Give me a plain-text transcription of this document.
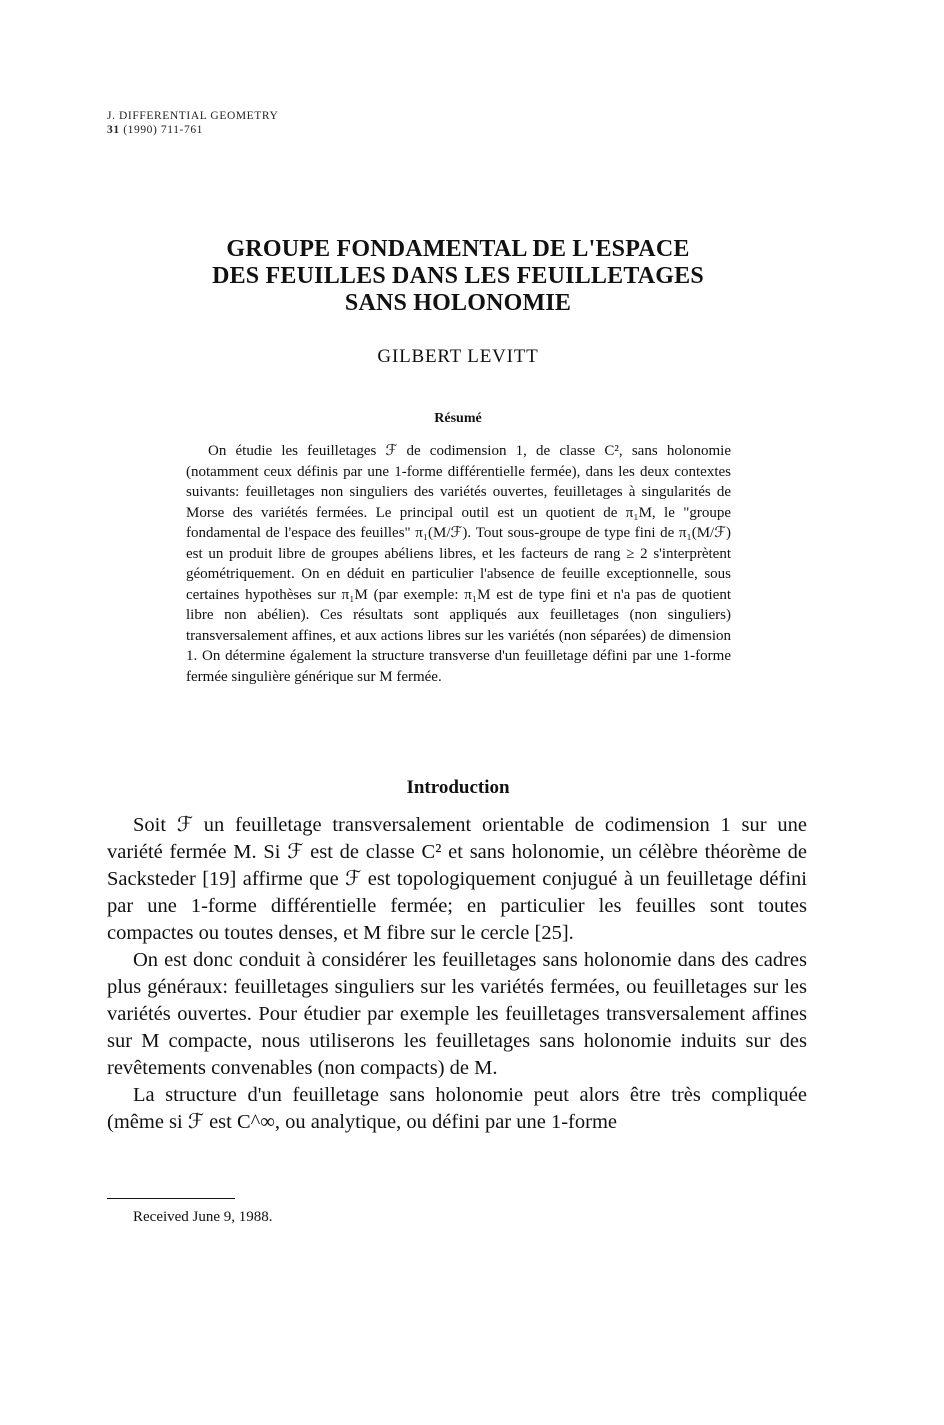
J. DIFFERENTIAL GEOMETRY
31 (1990) 711-761
GROUPE FONDAMENTAL DE L'ESPACE
DES FEUILLES DANS LES FEUILLETAGES
SANS HOLONOMIE
GILBERT LEVITT
Résumé
On étudie les feuilletages ℱ de codimension 1, de classe C², sans holonomie (notamment ceux définis par une 1-forme différentielle fermée), dans les deux contextes suivants: feuilletages non singuliers des variétés ouvertes, feuilletages à singularités de Morse des variétés fermées. Le principal outil est un quotient de π₁M, le "groupe fondamental de l'espace des feuilles" π₁(M/ℱ). Tout sous-groupe de type fini de π₁(M/ℱ) est un produit libre de groupes abéliens libres, et les facteurs de rang ≥ 2 s'interprètent géométriquement. On en déduit en particulier l'absence de feuille exceptionnelle, sous certaines hypothèses sur π₁M (par exemple: π₁M est de type fini et n'a pas de quotient libre non abélien). Ces résultats sont appliqués aux feuilletages (non singuliers) transversalement affines, et aux actions libres sur les variétés (non séparées) de dimension 1. On détermine également la structure transverse d'un feuilletage défini par une 1-forme fermée singulière générique sur M fermée.
Introduction

Soit ℱ un feuilletage transversalement orientable de codimension 1 sur une variété fermée M. Si ℱ est de classe C² et sans holonomie, un célèbre théorème de Sacksteder [19] affirme que ℱ est topologiquement conjugué à un feuilletage défini par une 1-forme différentielle fermée; en particulier les feuilles sont toutes compactes ou toutes denses, et M fibre sur le cercle [25].

On est donc conduit à considérer les feuilletages sans holonomie dans des cadres plus généraux: feuilletages singuliers sur les variétés fermées, ou feuilletages sur les variétés ouvertes. Pour étudier par exemple les feuilletages transversalement affines sur M compacte, nous utiliserons les feuilletages sans holonomie induits sur des revêtements convenables (non compacts) de M.

La structure d'un feuilletage sans holonomie peut alors être très compliquée (même si ℱ est C^∞, ou analytique, ou défini par une 1-forme

Received June 9, 1988.
